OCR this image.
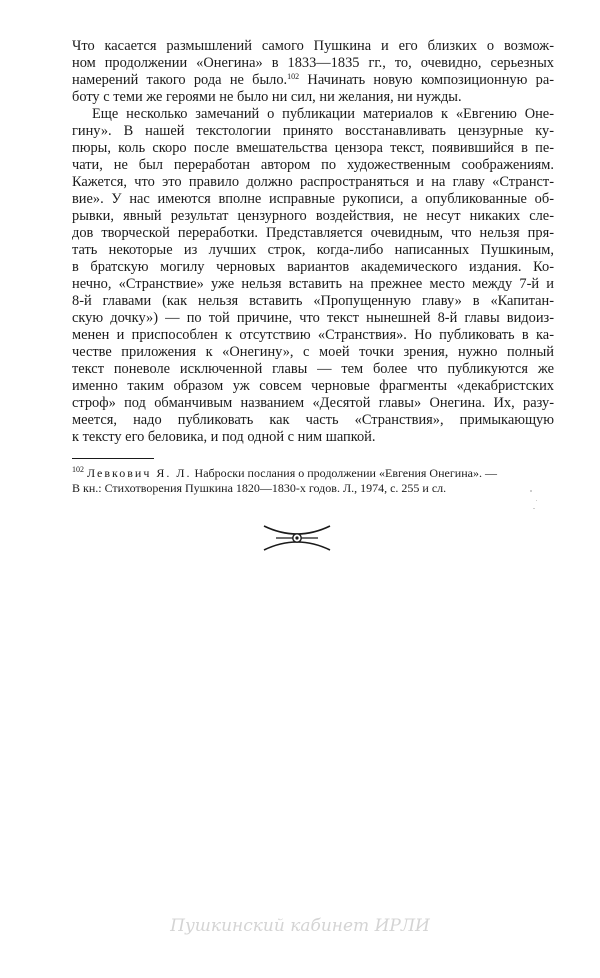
Что касается размышлений самого Пушкина и его близких о возмож-
ном продолжении «Онегина» в 1833—1835 гг., то, очевидно, серьезных
намерений такого рода не было.$^{102}$ Начинать новую композиционную ра-
боту с теми же героями не было ни сил, ни желания, ни нужды.
Еще несколько замечаний о публикации материалов к «Евгению Оне-
гину». В нашей текстологии принято восстанавливать цензурные ку-
пюры, коль скоро после вмешательства цензора текст, появившийся в пе-
чати, не был переработан автором по художественным соображениям.
Кажется, что это правило должно распространяться и на главу «Странст-
вие». У нас имеются вполне исправные рукописи, а опубликованные об-
рывки, явный результат цензурного воздействия, не несут никаких сле-
дов творческой переработки. Представляется очевидным, что нельзя пря-
тать некоторые из лучших строк, когда-либо написанных Пушкиным,
в братскую могилу черновых вариантов академического издания. Ко-
нечно, «Странствие» уже нельзя вставить на прежнее место между 7-й и
8-й главами (как нельзя вставить «Пропущенную главу» в «Капитан-
скую дочку») — по той причине, что текст нынешней 8-й главы видоиз-
менен и приспособлен к отсутствию «Странствия». Но публиковать в ка-
честве приложения к «Онегину», с моей точки зрения, нужно полный
текст поневоле исключенной главы — тем более что публикуются же
именно таким образом уж совсем черновые фрагменты «декабристских
строф» под обманчивым названием «Десятой главы» Онегина. Их, разу-
меется, надо публиковать как часть «Странствия», примыкающую
к тексту его беловика, и под одной с ним шапкой.
$^{102}$ Левкович Я. Л. Наброски послания о продолжении «Евгения Онегина». —
В кн.: Стихотворения Пушкина 1820—1830-х годов. Л., 1974, с. 255 и сл.
Пушкинский кабинет ИРЛИ
